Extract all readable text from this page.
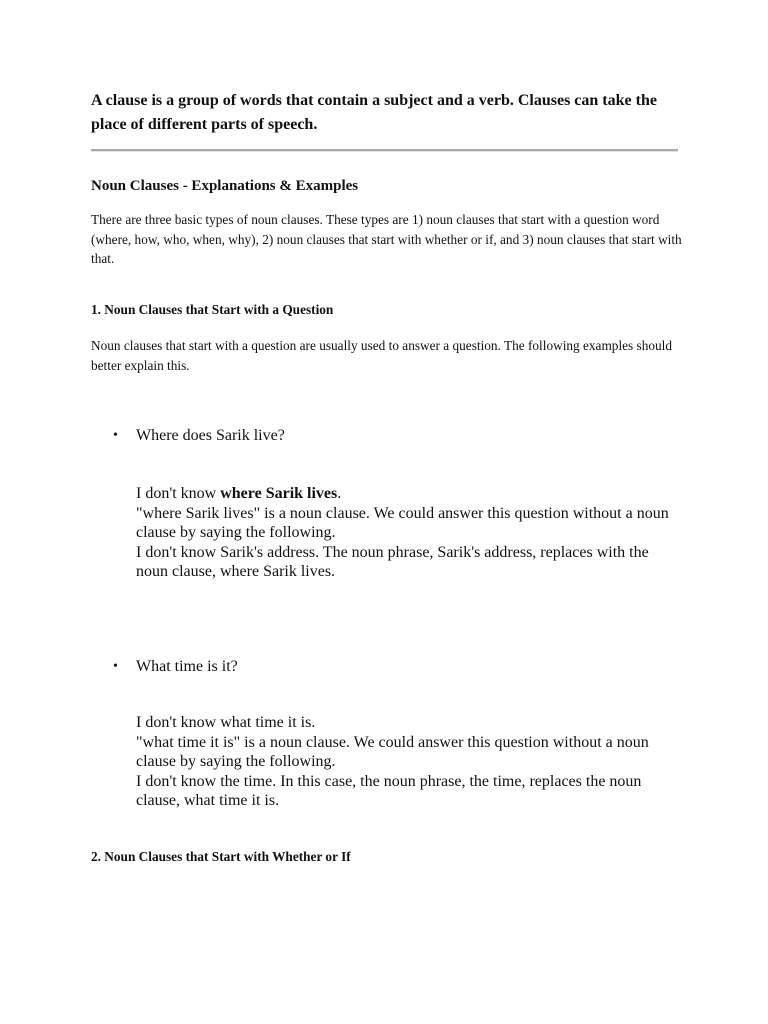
A clause is a group of words that contain a subject and a verb. Clauses can take the place of different parts of speech.

Noun Clauses - Explanations & Examples

There are three basic types of noun clauses. These types are 1) noun clauses that start with a question word (where, how, who, when, why), 2) noun clauses that start with whether or if, and 3) noun clauses that start with that.

1. Noun Clauses that Start with a Question

Noun clauses that start with a question are usually used to answer a question. The following examples should better explain this.

• Where does Sarik live?
I don't know where Sarik lives.
"where Sarik lives" is a noun clause. We could answer this question without a noun clause by saying the following.
I don't know Sarik's address. The noun phrase, Sarik's address, replaces with the noun clause, where Sarik lives.
• What time is it?
I don't know what time it is.
"what time it is" is a noun clause. We could answer this question without a noun clause by saying the following.
I don't know the time. In this case, the noun phrase, the time, replaces the noun clause, what time it is.
2. Noun Clauses that Start with Whether or If
